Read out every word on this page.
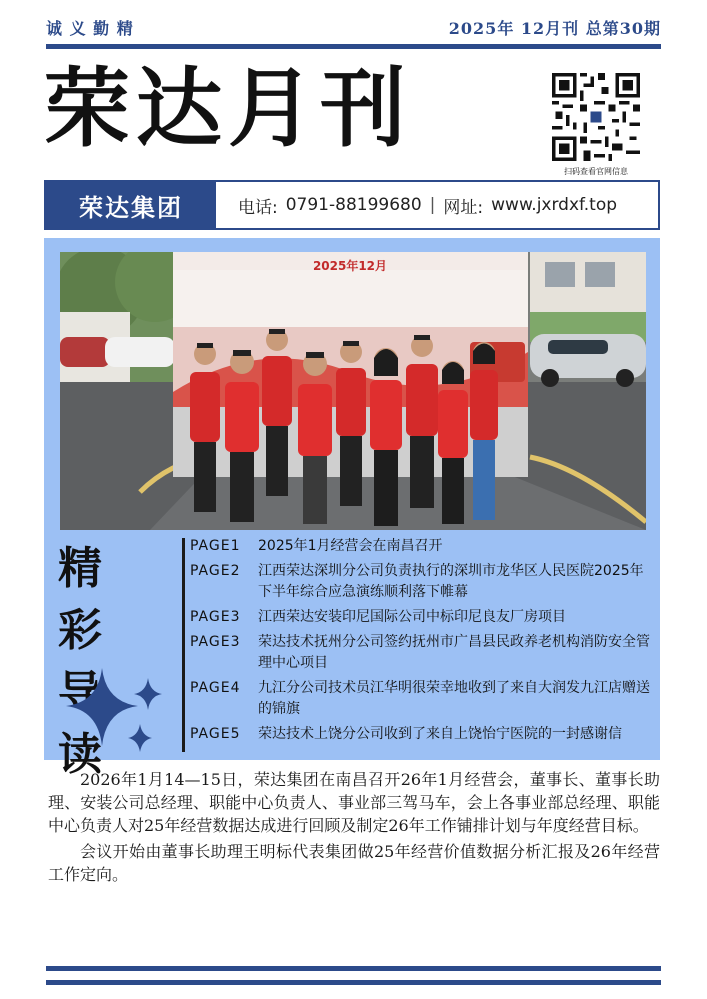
诚 义 勤 精	2025年 12月刊 总第30期
荣达月刊
扫码查看官网信息
荣达集团	电话: 0791-88199680 | 网址: www.jxrdxf.top
2025年12月
精 彩
导 读
PAGE1	2025年1月经营会在南昌召开
PAGE2	江西荣达深圳分公司负责执行的深圳市龙华区人民医院2025年下半年综合应急演练顺利落下帷幕
PAGE3	江西荣达安装印尼国际公司中标印尼良友厂房项目
PAGE3	荣达技术抚州分公司签约抚州市广昌县民政养老机构消防安全管理中心项目
PAGE4	九江分公司技术员江华明很荣幸地收到了来自大润发九江店赠送的锦旗
PAGE5	荣达技术上饶分公司收到了来自上饶怡宁医院的一封感谢信

2026年1月14—15日，荣达集团在南昌召开26年1月经营会，董事长、董事长助理、安装公司总经理、职能中心负责人、事业部三驾马车，会上各事业部总经理、职能中心负责人对25年经营数据达成进行回顾及制定26年工作铺排计划与年度经营目标。

会议开始由董事长助理王明标代表集团做25年经营价值数据分析汇报及26年经营工作定向。
